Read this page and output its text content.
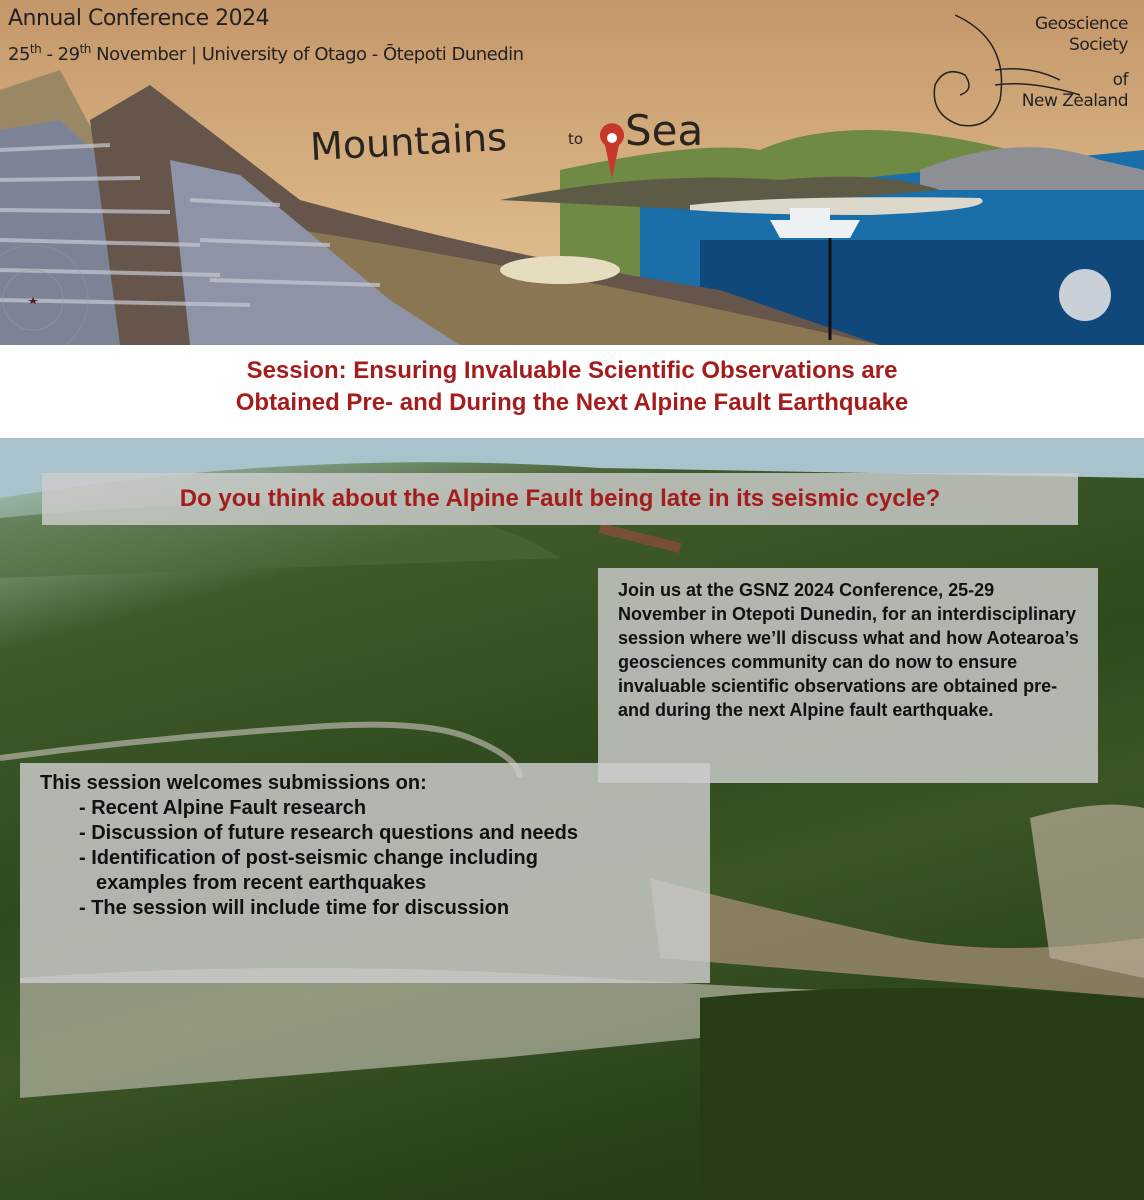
Annual Conference 2024
25th - 29th November | University of Otago - Ōtepoti Dunedin
Geoscience
Society
of
New Zealand
Mountains	to Sea
Session: Ensuring Invaluable Scientific Observations are
Obtained Pre- and During the Next Alpine Fault Earthquake
Do you think about the Alpine Fault being late in its seismic cycle?
Join us at the GSNZ 2024 Conference, 25-29 November in Otepoti Dunedin, for an interdisciplinary session where we’ll discuss what and how Aotearoa’s geosciences community can do now to ensure invaluable scientific observations are obtained pre- and during the next Alpine fault earthquake.
This session welcomes submissions on:
- Recent Alpine Fault research
- Discussion of future research questions and needs
- Identification of post-seismic change including
examples from recent earthquakes
- The session will include time for discussion
